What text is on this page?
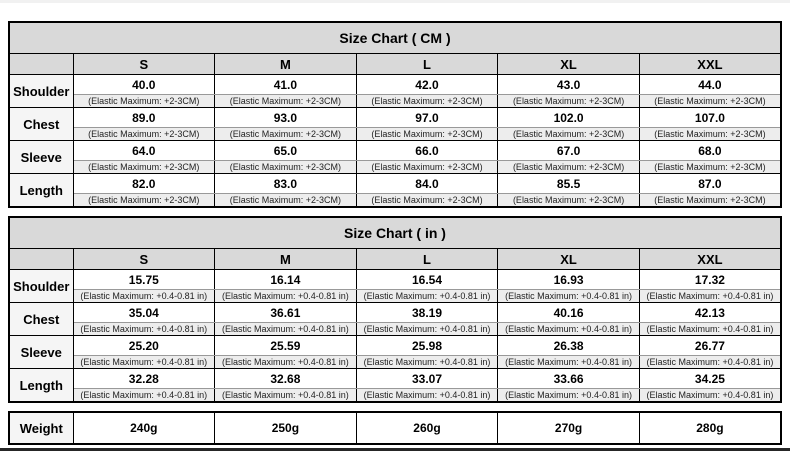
Size Chart ( CM )					
	S	M	L	XL	XXL
Shoulder	40.0	41.0	42.0	43.0	44.0
	(Elastic Maximum: +2-3CM)	(Elastic Maximum: +2-3CM)	(Elastic Maximum: +2-3CM)	(Elastic Maximum: +2-3CM)	(Elastic Maximum: +2-3CM)
Chest	89.0	93.0	97.0	102.0	107.0
	(Elastic Maximum: +2-3CM)	(Elastic Maximum: +2-3CM)	(Elastic Maximum: +2-3CM)	(Elastic Maximum: +2-3CM)	(Elastic Maximum: +2-3CM)
Sleeve	64.0	65.0	66.0	67.0	68.0
	(Elastic Maximum: +2-3CM)	(Elastic Maximum: +2-3CM)	(Elastic Maximum: +2-3CM)	(Elastic Maximum: +2-3CM)	(Elastic Maximum: +2-3CM)
Length	82.0	83.0	84.0	85.5	87.0
	(Elastic Maximum: +2-3CM)	(Elastic Maximum: +2-3CM)	(Elastic Maximum: +2-3CM)	(Elastic Maximum: +2-3CM)	(Elastic Maximum: +2-3CM)
Size Chart ( in )					
	S	M	L	XL	XXL
Shoulder	15.75	16.14	16.54	16.93	17.32
	(Elastic Maximum: +0.4-0.81 in)	(Elastic Maximum: +0.4-0.81 in)	(Elastic Maximum: +0.4-0.81 in)	(Elastic Maximum: +0.4-0.81 in)	(Elastic Maximum: +0.4-0.81 in)
Chest	35.04	36.61	38.19	40.16	42.13
	(Elastic Maximum: +0.4-0.81 in)	(Elastic Maximum: +0.4-0.81 in)	(Elastic Maximum: +0.4-0.81 in)	(Elastic Maximum: +0.4-0.81 in)	(Elastic Maximum: +0.4-0.81 in)
Sleeve	25.20	25.59	25.98	26.38	26.77
	(Elastic Maximum: +0.4-0.81 in)	(Elastic Maximum: +0.4-0.81 in)	(Elastic Maximum: +0.4-0.81 in)	(Elastic Maximum: +0.4-0.81 in)	(Elastic Maximum: +0.4-0.81 in)
Length	32.28	32.68	33.07	33.66	34.25
	(Elastic Maximum: +0.4-0.81 in)	(Elastic Maximum: +0.4-0.81 in)	(Elastic Maximum: +0.4-0.81 in)	(Elastic Maximum: +0.4-0.81 in)	(Elastic Maximum: +0.4-0.81 in)
Weight	240g	250g	260g	270g	280g
